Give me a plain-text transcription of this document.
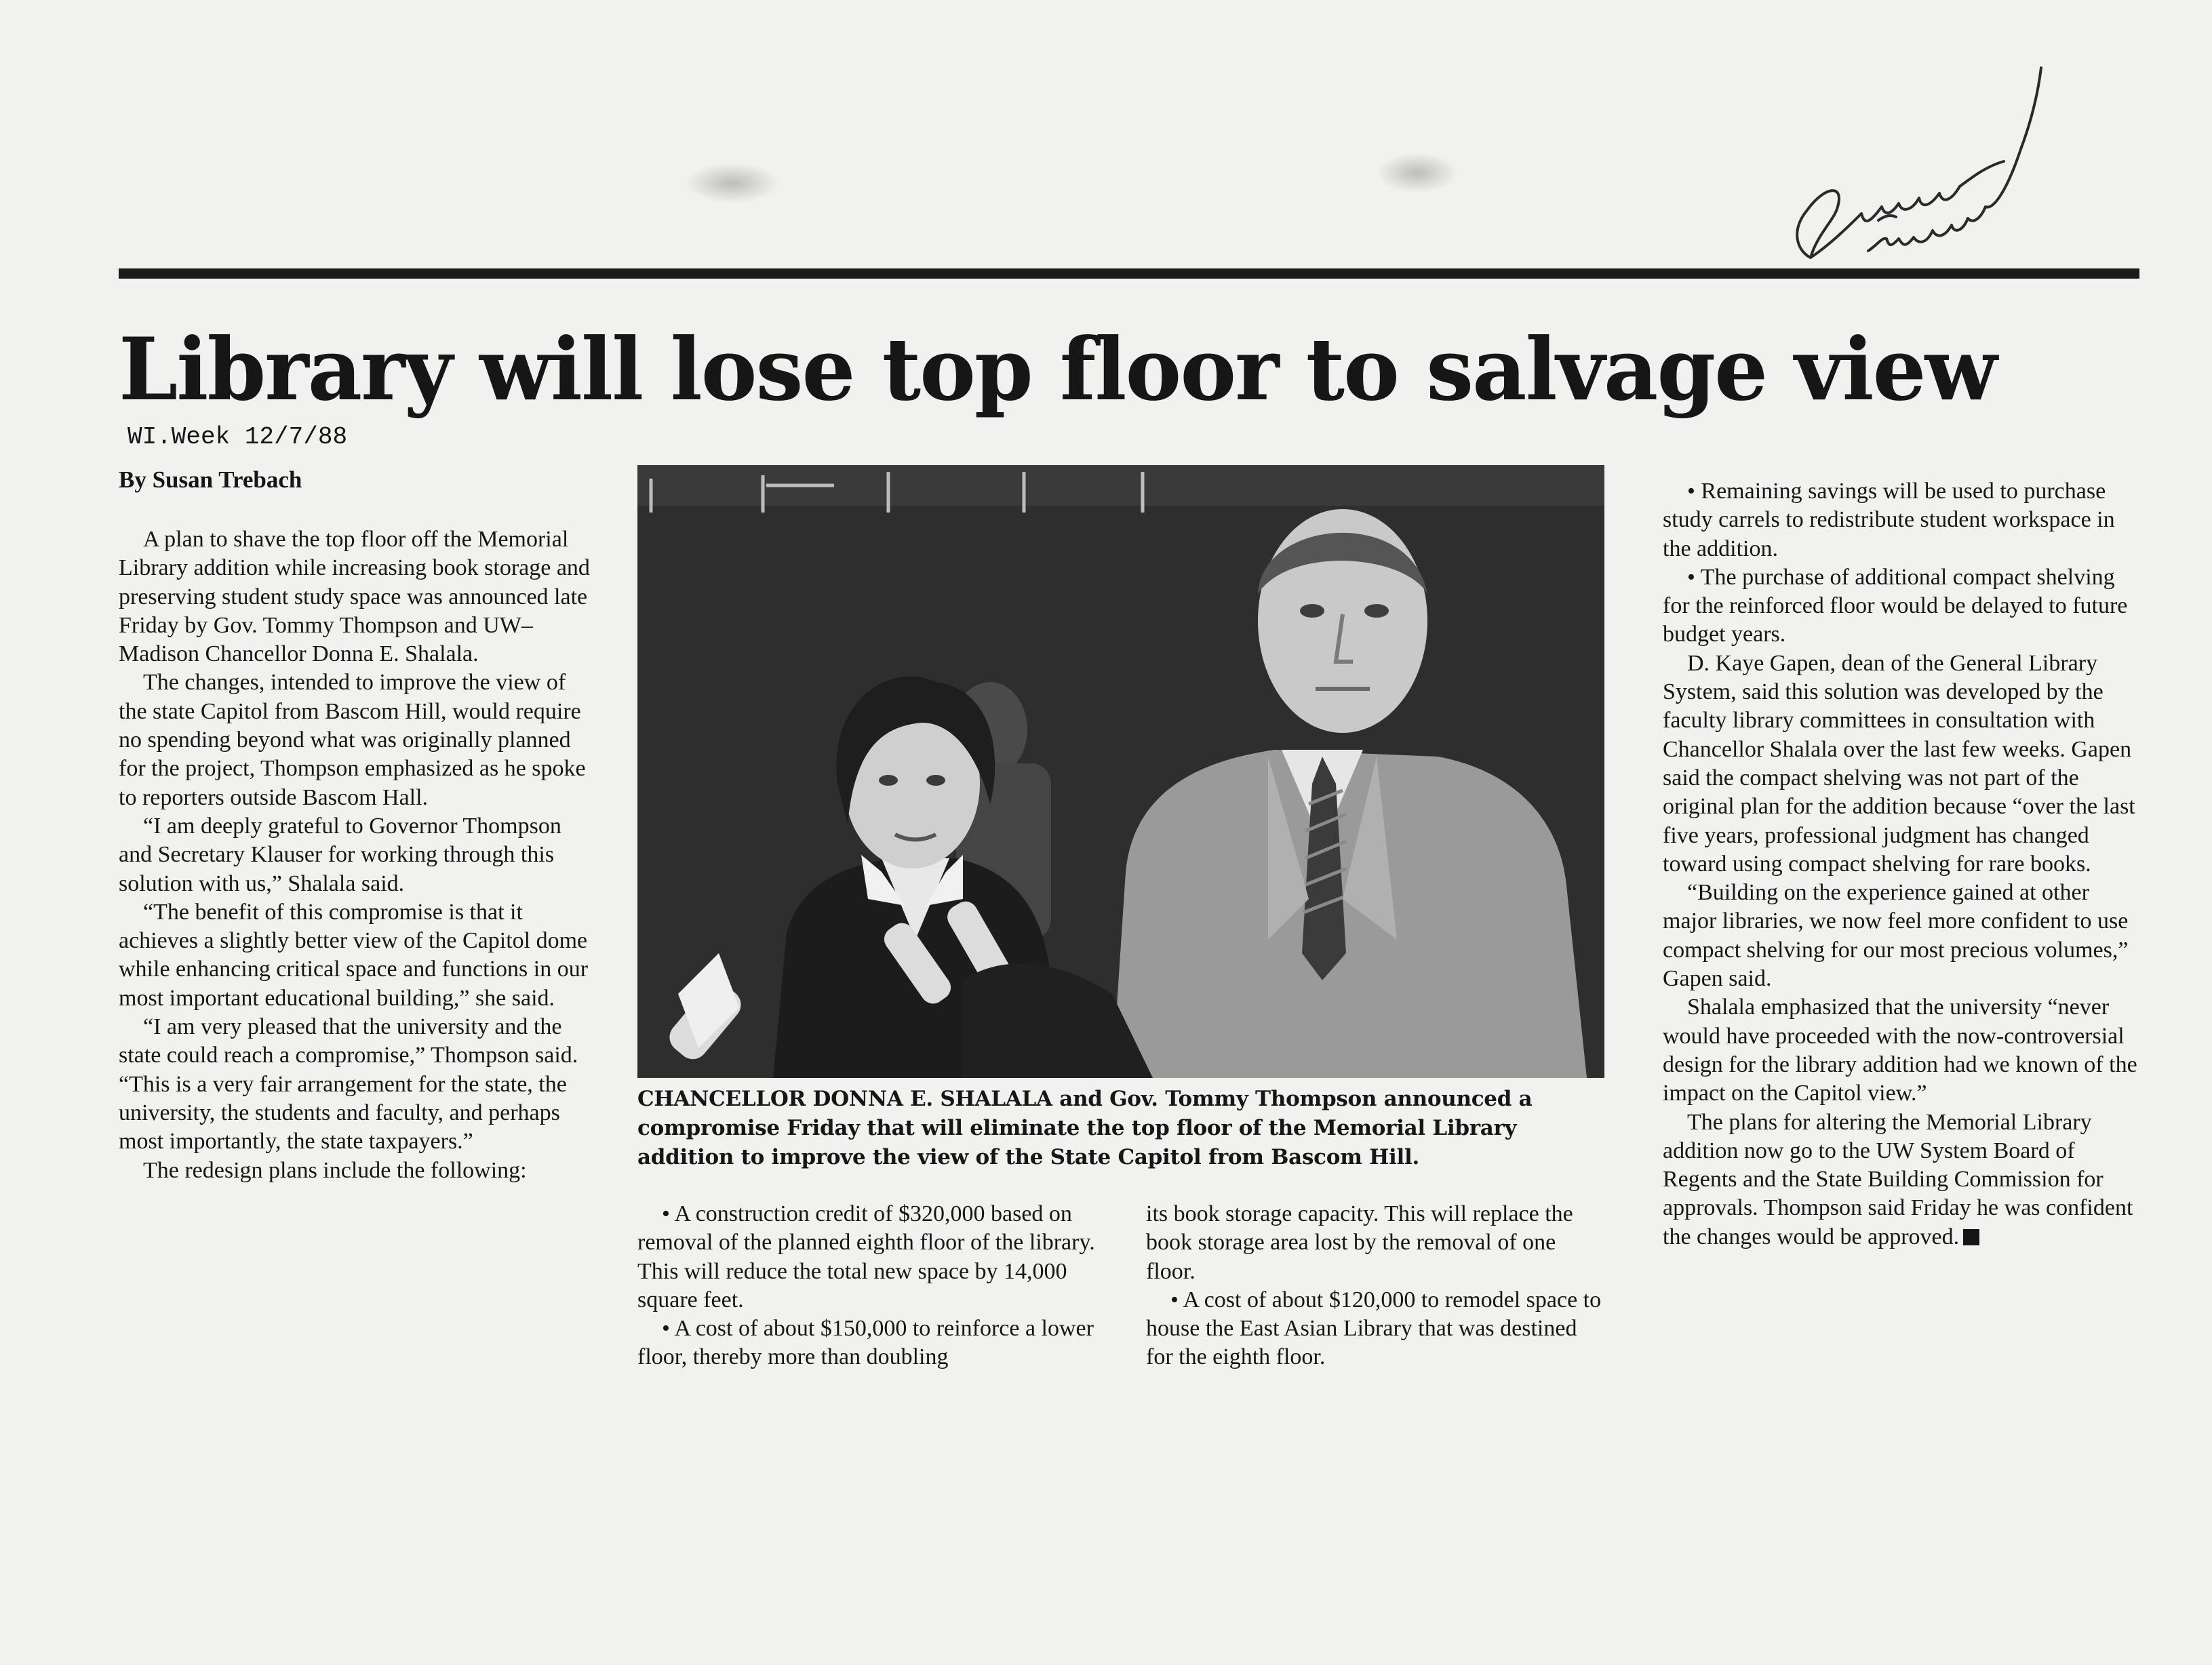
Library will lose top floor to salvage view
WI.Week 12/7/88
By Susan Trebach

A plan to shave the top floor off the Memorial Library addition while increasing book storage and preserving student study space was announced late Friday by Gov. Tommy Thompson and UW–Madison Chancellor Donna E. Shalala.

The changes, intended to improve the view of the state Capitol from Bascom Hill, would require no spending beyond what was originally planned for the project, Thompson emphasized as he spoke to reporters outside Bascom Hall.

“I am deeply grateful to Governor Thompson and Secretary Klauser for working through this solution with us,” Shalala said.

“The benefit of this compromise is that it achieves a slightly better view of the Capitol dome while enhancing critical space and functions in our most important educational building,” she said.

“I am very pleased that the university and the state could reach a compromise,” Thompson said. “This is a very fair arrangement for the state, the university, the students and faculty, and perhaps most importantly, the state taxpayers.”

The redesign plans include the following:

CHANCELLOR DONNA E. SHALALA and Gov. Tommy Thompson announced a compromise Friday that will eliminate the top floor of the Memorial Library addition to improve the view of the State Capitol from Bascom Hill.

• A construction credit of $320,000 based on removal of the planned eighth floor of the library. This will reduce the total new space by 14,000 square feet.

• A cost of about $150,000 to reinforce a lower floor, thereby more than doubling

its book storage capacity. This will replace the book storage area lost by the removal of one floor.

• A cost of about $120,000 to remodel space to house the East Asian Library that was destined for the eighth floor.

• Remaining savings will be used to purchase study carrels to redistribute student workspace in the addition.

• The purchase of additional compact shelving for the reinforced floor would be delayed to future budget years.

D. Kaye Gapen, dean of the General Library System, said this solution was developed by the faculty library committees in consultation with Chancellor Shalala over the last few weeks. Gapen said the compact shelving was not part of the original plan for the addition because “over the last five years, professional judgment has changed toward using compact shelving for rare books.

“Building on the experience gained at other major libraries, we now feel more confident to use compact shelving for our most precious volumes,” Gapen said.

Shalala emphasized that the university “never would have proceeded with the now-controversial design for the library addition had we known of the impact on the Capitol view.”

The plans for altering the Memorial Library addition now go to the UW System Board of Regents and the State Building Commission for approvals. Thompson said Friday he was confident the changes would be approved.
